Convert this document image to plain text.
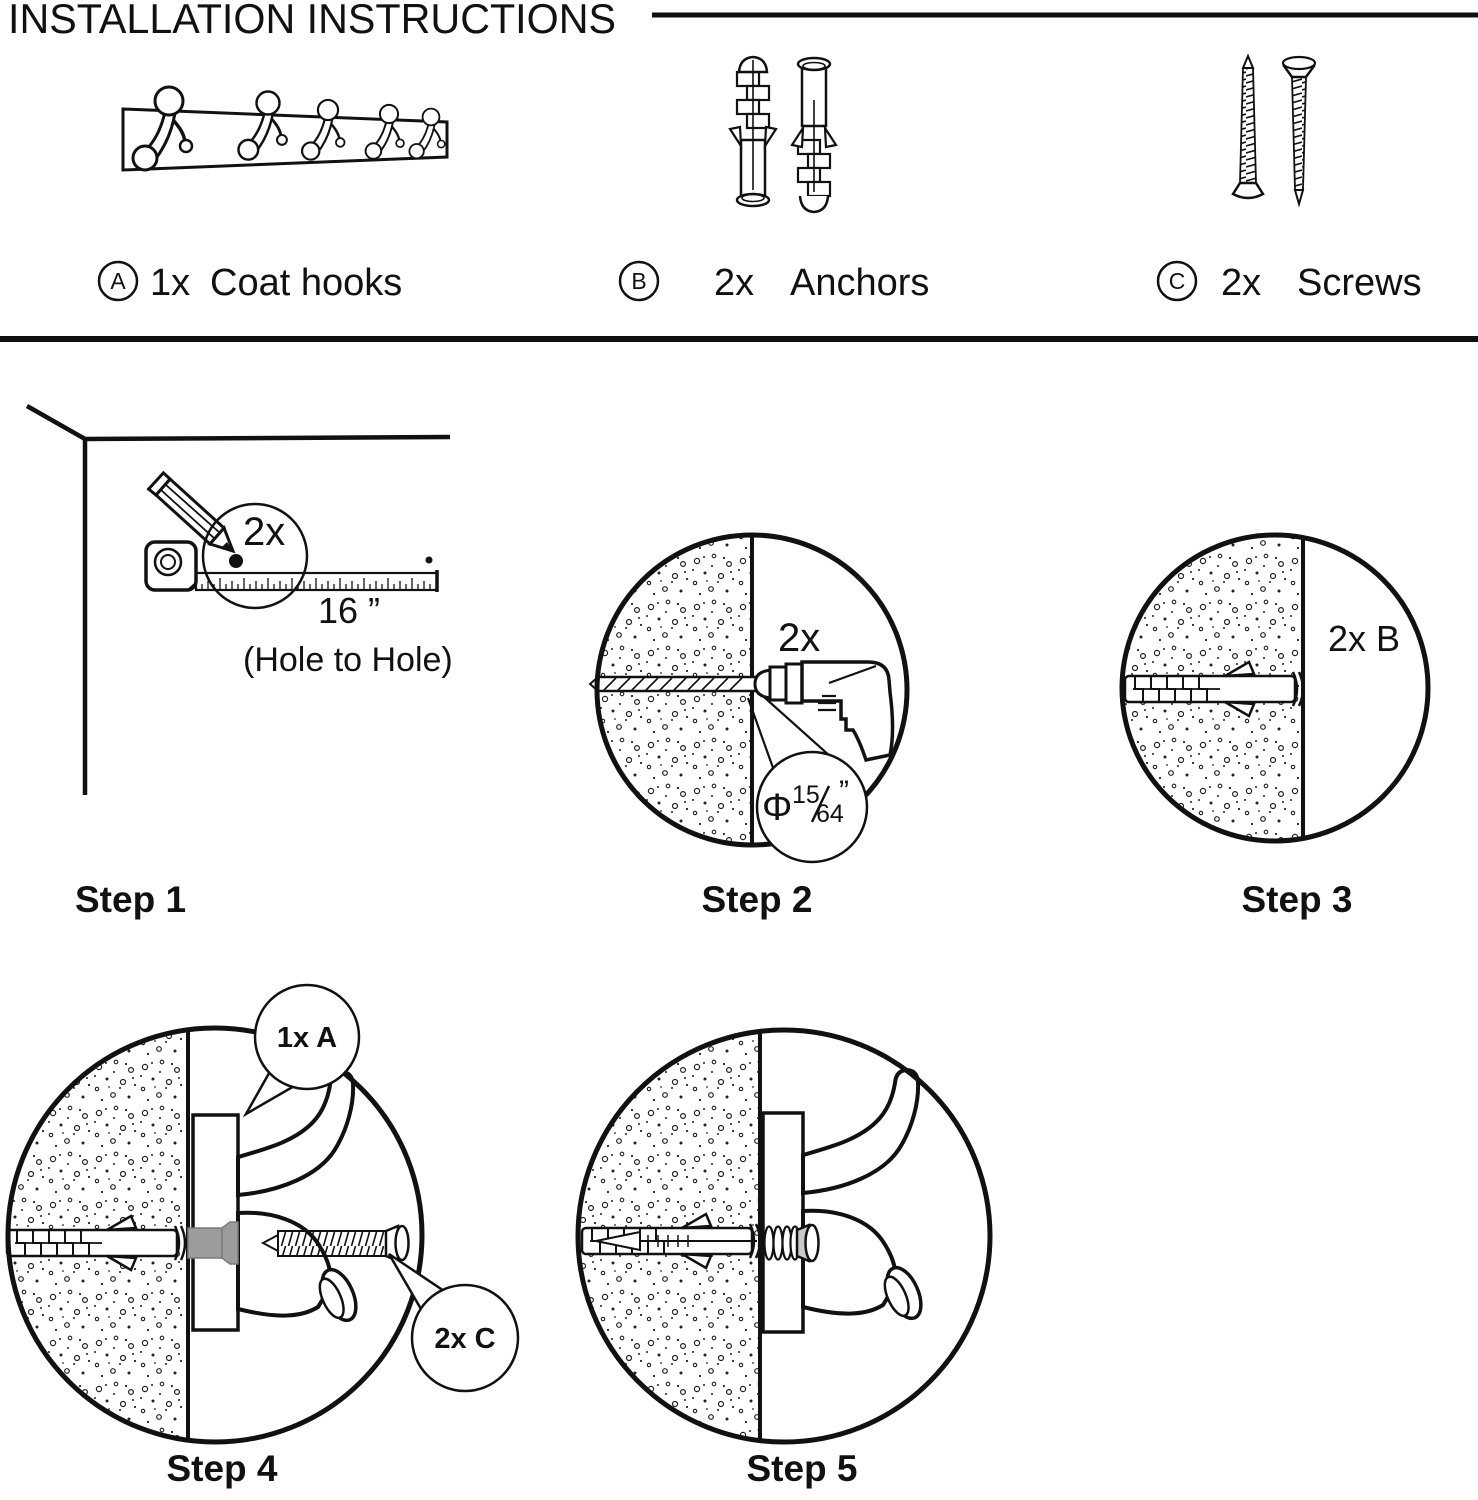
INSTALLATION INSTRUCTIONS
A 1x Coat hooks	B 2x Anchors	C 2x Screws
2x
16 ”
(Hole to Hole)
Step 1
2x
Φ 15
64
”
Step 2
2x B
Step 3
1x A
2x C
Step 4	Step 5
